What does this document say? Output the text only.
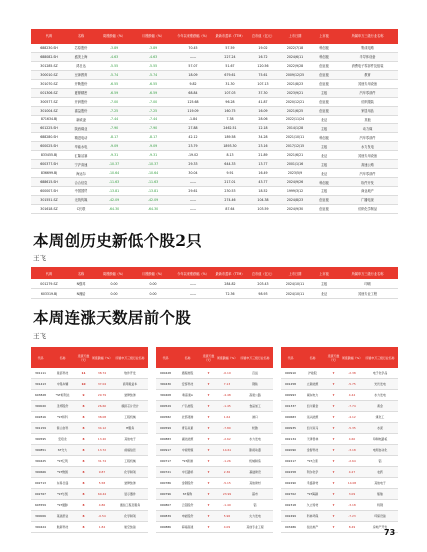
代码	名称	周涨跌幅（%）	月涨跌幅（%）	今年以来涨跌幅（%）	最新市盈率（TTM）	总市值（亿元）	上市日期	上市板	所属申万三级行业名称
688230.SH	芯原股份	-3.89	-3.89	70.45	57.59	19.02	2022/7/18	科创板	集成电路
688082.SH	盛美上海	-4.63	-4.63	——	227.24	16.72	2024/6/11	科创板	半导体设备
301285.SZ	鸿日达	-5.55	-5.55	57.07	51.67	120.56	2022/9/28	创业板	消费电子零部件及组装
300010.SZ	豆神教育	-5.74	-5.74	18.09	679.61	75.61	2009/12/25	创业板	教育
301070.SZ	开勒股份	-6.55	-6.55	9.82	31.30	107.13	2021/8/23	创业板	其他专用设备
001306.SZ	夏厦精密	-6.59	-6.59	68.84	107.03	37.30	2023/9/21	主板	汽车零部件
300577.SZ	开润股份	-7.00	-7.00	125.68	96.28	41.87	2020/12/21	创业板	纺织服装
301004.SZ	嘉益股份	-7.25	-7.25	119.09	160.75	16.09	2021/6/25	创业板	家居用品
871634.BJ	新威凌	-7.44	-7.44	-1.84	7.38	28.06	2022/11/24	北证	其他
601225.SH	陕西煤业	-7.90	-7.90	27.88	2462.51	12.18	2014/1/28	主板	动力煤
688280.SH	精进电动	-8.17	-8.17	42.12	189.58	34.28	2021/10/11	科创板	汽车零部件
600025.SH	华能水电	-9.09	-9.09	23.79	1893.30	23.16	2017/12/15	主板	水力发电
833455.BJ	汇隆活塞	-9.31	-9.31	-19.02	8.13	21.89	2021/6/21	北证	其他专用设备
600377.SH	宁沪高速	-10.37	-10.37	29.33	644.33	13.77	2001/1/16	主板	高速公路
836699.BJ	海达尔	-10.64	-10.64	30.04	9.91	16.49	2023/5/9	北证	汽车零部件
688615.SH	合合信息	-11.63	-11.63	——	217.01	43.77	2024/9/26	科创板	软件开发
600007.SH	中国国贸	-13.81	-13.81	29.61	230.53	18.52	1999/3/12	主板	商业地产
301551.SZ	无线传媒	-42.09	-42.09	——	274.46	104.38	2024/8/23	创业板	广播电视
301618.SZ	C长联	-64.30	-64.30	——	87.64	103.59	2024/9/30	创业板	纺织化学制品
本周创历史新低个股2只
王飞
代码	名称	周涨跌幅（%）	月涨跌幅（%）	今年以来涨跌幅（%）	最新市盈率（TTM）	总市值（亿元）	上市日期	上市板	所属申万三级行业名称
001279.SZ	N强邦	0.00	0.00	——	284.82	203.43	2024/10/11	主板	印刷
603319.BJ	N湘焙	0.00	0.00	——	72.36	98.93	2024/10/11	北证	其他专业工程
本周连涨天数居前个股
王飞
代码	名称	连涨天数（天）	周涨跌幅（%）	所属申万三级行业名称
301111	星宸科技	11	38.74	软件开发
301413	中集车辆	10	37.04	商用载货车
603828	*ST柯利达	9	29.79	装修装饰
300020	圣邦股份	8	26.60	模拟芯片设计
002816	*ST和科	8	38.08	工程机械
301159	紫山台科	8	34.12	IT服务
300595	安培龙	8	13.20	其他电子
300851	ST交大	8	13.72	前端信息
300425	*ST亿利	8	31.74	工程机械
300666	*ST豫园	8	9.87	化学制剂
002713	东易日盛	8	5.58	装修装饰
002767	*ST乐凯	8	60.44	显示器件
603559	*ST通脉	8	4.86	通信工程及服务
300006	莱美药业	8	-0.54	化学制剂
300424	航新科技	8	1.84	航空装备
代码	名称	连涨天数（天）	周涨跌幅（%）	所属申万三级行业名称
000428	通程控股	7	-0.19	百货
300430	安泰科技	7	7.13	钢铁
300408	粤高速A	7	-4.48	高速公路
000529	广弘控股	7	-1.45	食品加工
000582	北部湾港	7	1.64	港口
000599	青岛双星	7	-7.80	轮胎
000883	湖北能源	7	-2.62	水力发电
000917	中视传媒	7	14.61	影视动漫
000717	*ST新港	7	-1.26	机械制造
000721	中石路桥	7	2.36	基础建设
000786	金钢股份	7	-5.15	其他建材
000796	ST易购	7	23.99	超市
000807	云铝股份	7	-1.49	铝
000839	申能股份	7	5.96	火力发电
000886	海南高速	7	4.09	其他专业工程
代码	名称	连涨天数（天）	周涨跌幅（%）	所属申万三级行业名称
000910	沪硅股	7	-2.38	电子化学品
001258	立新能源	7	-5.75	光伏发电
000993	闽东电力	7	4.44	水力发电
001337	四川黄金	7	-7.74	黄金
000683	远兴能源	7	-4.12	煤化工
000935	四川双马	7	-5.35	水泥
002134	天津普林	7	4.60	印制电路板
002090	金智科技	7	-3.18	电网自动化
002217	*ST合泰	7	-2.64	铝
002258	利尔化学	7	4.27	农药
002290	禾盛新材	7	14.08	其他电子
002702	*ST海越	7	3.09	船舶
002318	久立特材	7	-3.18	特钢
002499	科林环保	7	-7.23	环保设备
003486	信达地产	7	8.49	房地产开发
73
